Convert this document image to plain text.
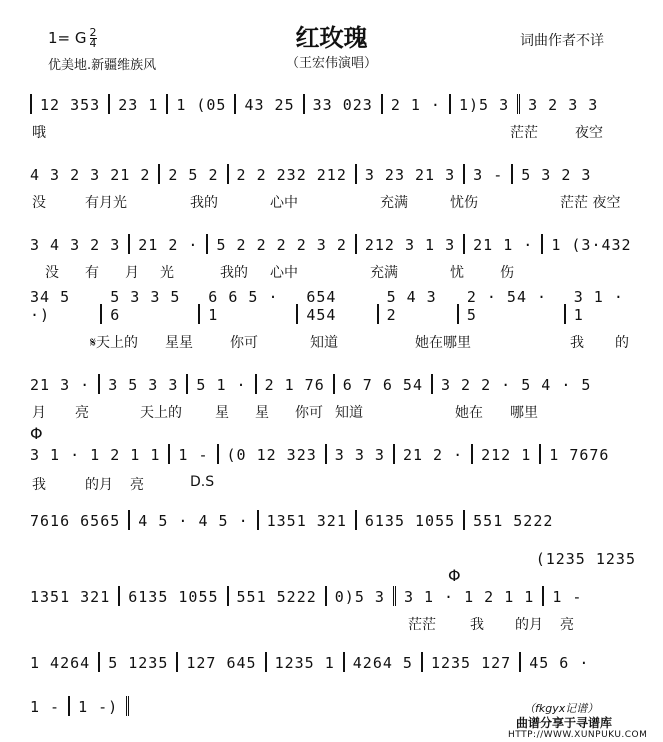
1= G $\frac{2}{4}$	红玫瑰	词曲作者不详
优美地.新疆维族风	（王宏伟演唱）
12 353 23 1 1 (05 43 25 33 023 2 1 · 1)5 3 3 2 3 3
哦	茫茫	夜空
4 3 2 3 21 2 2 5 2 2 2 232 212 3 23 21 3 3 - 5 3 2 3
没	有月光	我的	心中	充满	忧伤	茫茫 夜空
3 4 3 2 3 21 2 · 5 2 2 2 2 3 2 212 3 1 3 21 1 · 1 (3·432
没 有 月 光	我的 心中	充满	忧	伤
34 5 ·)
5 3 3 5 6
6 6 5 · 1
654 454
5 4 3 2
2 · 54 · 5
3 1 · 1
𝄋天上的 星星	你可	知道	她在哪里	我 的
21 3 · 3 5 3 3 5 1 · 2 1 76 6 7 6 54 3 2 2 · 5 4 · 5
月 亮	天上的 星 星 你可 知道	她在 哪里
Φ
3 1 · 1 2 1 1 1 - (0 12 323 3 3 3 21 2 · 212 1 1 7676
我	的月 亮	D.S
7616 6565 4 5 · 4 5 · 1351 321 6135 1055 551 5222
(1235 1235
Φ
1351 321 6135 1055 551 5222 0)5 3 3 1 · 1 2 1 1 1 -
茫茫 我 的月 亮
1 4264 5 1235 127 645 1235 1 4264 5 1235 127 45 6 ·
1 - 1 -)	（fkgyx记谱）
曲谱分享于寻谱库
HTTP://WWW.XUNPUKU.COM
